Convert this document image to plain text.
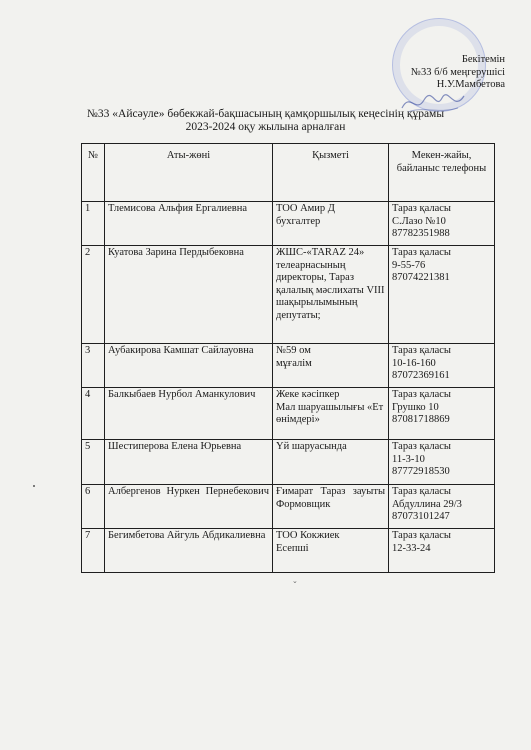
Бекітемін
№33 б/б меңгерушісі
Н.У.Мамбетова
№33 «Айсәуле» бөбекжай-бақшасының қамқоршылық кеңесінің құрамы
2023-2024 оқу жылына арналған
№	Аты-жөні	Қызметі	Мекен-жайы, байланыс телефоны
1	Тлемисова Альфия Ергалиевна	ТОО Амир Д
бухгалтер	Тараз қаласы
С.Лазо №10
87782351988
2	Куатова Зарина Пердыбековна	ЖШС-«TARAZ 24» телеарнасының директоры, Тараз қалалық мәслихаты VIII шақырылымының депутаты;	Тараз қаласы
9-55-76
87074221381
3	Аубакирова Камшат Сайлауовна	№59 ом
мұғалім	Тараз қаласы
10-16-160
87072369161
4	Балкыбаев Нурбол Аманкулович	Жеке кәсіпкер
Мал шаруашылығы «Ет өнімдері»	Тараз қаласы
Грушко 10
87081718869
5	Шестиперова Елена Юрьевна	Үй шаруасында	Тараз қаласы
11-3-10
87772918530
6	Албергенов Нуркен Пернебекович	Ғимарат Тараз зауыты Формовщик	Тараз қаласы
Абдуллина 29/3
87073101247
7	Бегимбетова Айгуль Абдикалиевна	ТОО Кокжиек
Есепші	Тараз қаласы
12-33-24
⌄
